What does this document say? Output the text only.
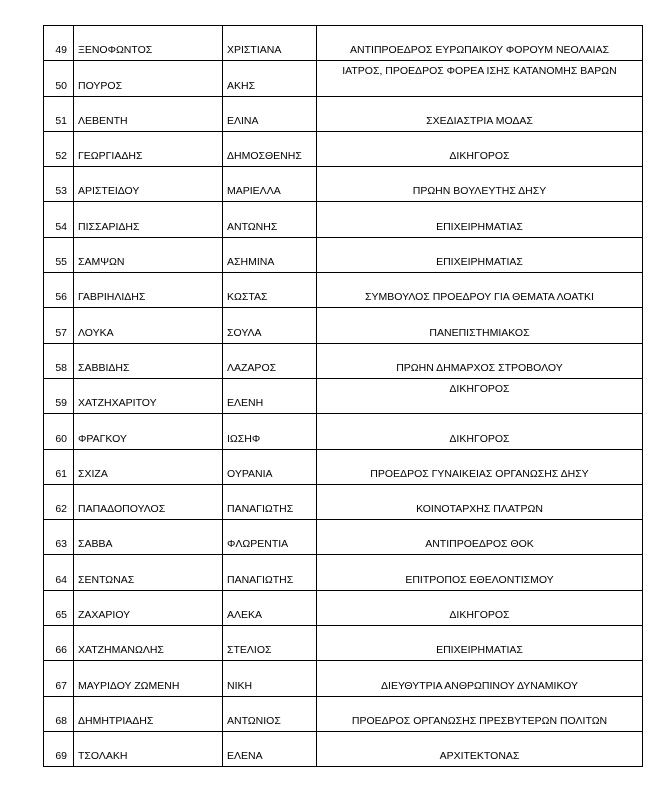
49	ΞΕΝΟΦΩΝΤΟΣ	ΧΡΙΣΤΙΑΝΑ	ΑΝΤΙΠΡΟΕΔΡΟΣ ΕΥΡΩΠΑΙΚΟΥ ΦΟΡΟΥΜ ΝΕΟΛΑΙΑΣ
50	ΠΟΥΡΟΣ	ΑΚΗΣ	ΙΑΤΡΟΣ, ΠΡΟΕΔΡΟΣ ΦΟΡΕΑ ΙΣΗΣ ΚΑΤΑΝΟΜΗΣ ΒΑΡΩΝ
51	ΛΕΒΕΝΤΗ	ΕΛΙΝΑ	ΣΧΕΔΙΑΣΤΡΙΑ ΜΟΔΑΣ
52	ΓΕΩΡΓΙΑΔΗΣ	ΔΗΜΟΣΘΕΝΗΣ	ΔΙΚΗΓΟΡΟΣ
53	ΑΡΙΣΤΕΙΔΟΥ	ΜΑΡΙΕΛΛΑ	ΠΡΩΗΝ ΒΟΥΛΕΥΤΗΣ ΔΗΣΥ
54	ΠΙΣΣΑΡΙΔΗΣ	ΑΝΤΩΝΗΣ	ΕΠΙΧΕΙΡΗΜΑΤΙΑΣ
55	ΣΑΜΨΩΝ	ΑΣΗΜΙΝΑ	ΕΠΙΧΕΙΡΗΜΑΤΙΑΣ
56	ΓΑΒΡΙΗΛΙΔΗΣ	ΚΩΣΤΑΣ	ΣΥΜΒΟΥΛΟΣ ΠΡΟΕΔΡΟΥ ΓΙΑ ΘΕΜΑΤΑ ΛΟΑΤΚΙ
57	ΛΟΥΚΑ	ΣΟΥΛΑ	ΠΑΝΕΠΙΣΤΗΜΙΑΚΟΣ
58	ΣΑΒΒΙΔΗΣ	ΛΑΖΑΡΟΣ	ΠΡΩΗΝ ΔΗΜΑΡΧΟΣ ΣΤΡΟΒΟΛΟΥ
59	ΧΑΤΖΗΧΑΡΙΤΟΥ	ΕΛΕΝΗ	ΔΙΚΗΓΟΡΟΣ
60	ΦΡΑΓΚΟΥ	ΙΩΣΗΦ	ΔΙΚΗΓΟΡΟΣ
61	ΣΧΙΖΑ	ΟΥΡΑΝΙΑ	ΠΡΟΕΔΡΟΣ ΓΥΝΑΙΚΕΙΑΣ ΟΡΓΑΝΩΣΗΣ ΔΗΣΥ
62	ΠΑΠΑΔΟΠΟΥΛΟΣ	ΠΑΝΑΓΙΩΤΗΣ	ΚΟΙΝΟΤΑΡΧΗΣ ΠΛΑΤΡΩΝ
63	ΣΑΒΒΑ	ΦΛΩΡΕΝΤΙΑ	ΑΝΤΙΠΡΟΕΔΡΟΣ ΘΟΚ
64	ΣΕΝΤΩΝΑΣ	ΠΑΝΑΓΙΩΤΗΣ	ΕΠΙΤΡΟΠΟΣ ΕΘΕΛΟΝΤΙΣΜΟΥ
65	ΖΑΧΑΡΙΟΥ	ΑΛΕΚΑ	ΔΙΚΗΓΟΡΟΣ
66	ΧΑΤΖΗΜΑΝΩΛΗΣ	ΣΤΕΛΙΟΣ	ΕΠΙΧΕΙΡΗΜΑΤΙΑΣ
67	ΜΑΥΡΙΔΟΥ ΖΩΜΕΝΗ	ΝΙΚΗ	ΔΙΕΥΘΥΤΡΙΑ ΑΝΘΡΩΠΙΝΟΥ ΔΥΝΑΜΙΚΟΥ
68	ΔΗΜΗΤΡΙΑΔΗΣ	ΑΝΤΩΝΙΟΣ	ΠΡΟΕΔΡΟΣ ΟΡΓΑΝΩΣΗΣ ΠΡΕΣΒΥΤΕΡΩΝ ΠΟΛΙΤΩΝ
69	ΤΣΟΛΑΚΗ	ΕΛΕΝΑ	ΑΡΧΙΤΕΚΤΟΝΑΣ
